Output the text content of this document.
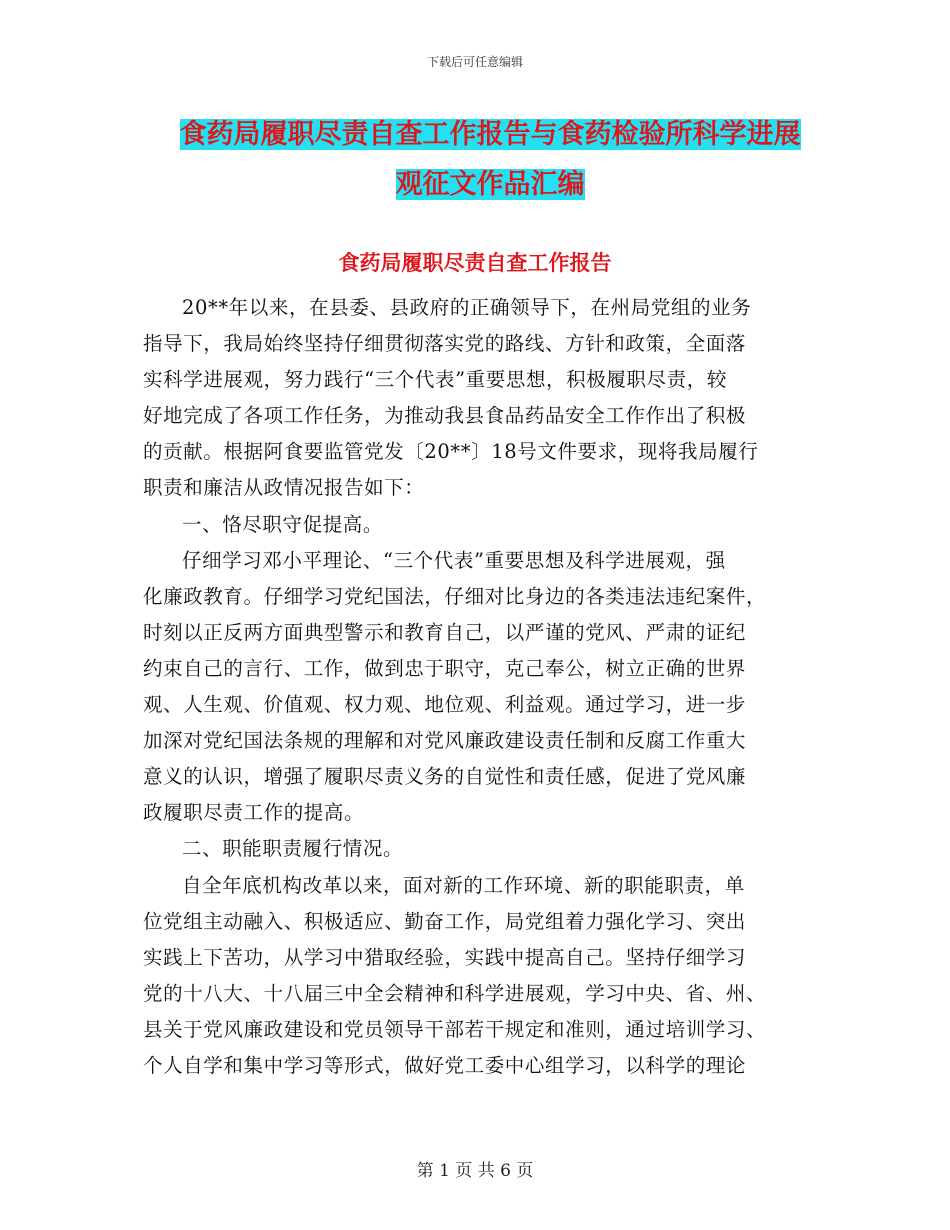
下载后可任意编辑
食药局履职尽责自查工作报告与食药检验所科学进展
观征文作品汇编
食药局履职尽责自查工作报告

20**年以来，在县委、县政府的正确领导下，在州局党组的业务
指导下，我局始终坚持仔细贯彻落实党的路线、方针和政策，全面落
实科学进展观，努力践行“三个代表”重要思想，积极履职尽责，较
好地完成了各项工作任务，为推动我县食品药品安全工作作出了积极
的贡献。根据阿食要监管党发〔20**〕18号文件要求，现将我局履行
职责和廉洁从政情况报告如下：

一、恪尽职守促提高。

仔细学习邓小平理论、“三个代表”重要思想及科学进展观，强
化廉政教育。仔细学习党纪国法，仔细对比身边的各类违法违纪案件，
时刻以正反两方面典型警示和教育自己，以严谨的党风、严肃的证纪
约束自己的言行、工作，做到忠于职守，克己奉公，树立正确的世界
观、人生观、价值观、权力观、地位观、利益观。通过学习，进一步
加深对党纪国法条规的理解和对党风廉政建设责任制和反腐工作重大
意义的认识，增强了履职尽责义务的自觉性和责任感，促进了党风廉
政履职尽责工作的提高。

二、职能职责履行情况。

自全年底机构改革以来，面对新的工作环境、新的职能职责，单
位党组主动融入、积极适应、勤奋工作，局党组着力强化学习、突出
实践上下苦功，从学习中猎取经验，实践中提高自己。坚持仔细学习
党的十八大、十八届三中全会精神和科学进展观，学习中央、省、州、
县关于党风廉政建设和党员领导干部若干规定和准则，通过培训学习、
个人自学和集中学习等形式，做好党工委中心组学习，以科学的理论

第 1 页 共 6 页
